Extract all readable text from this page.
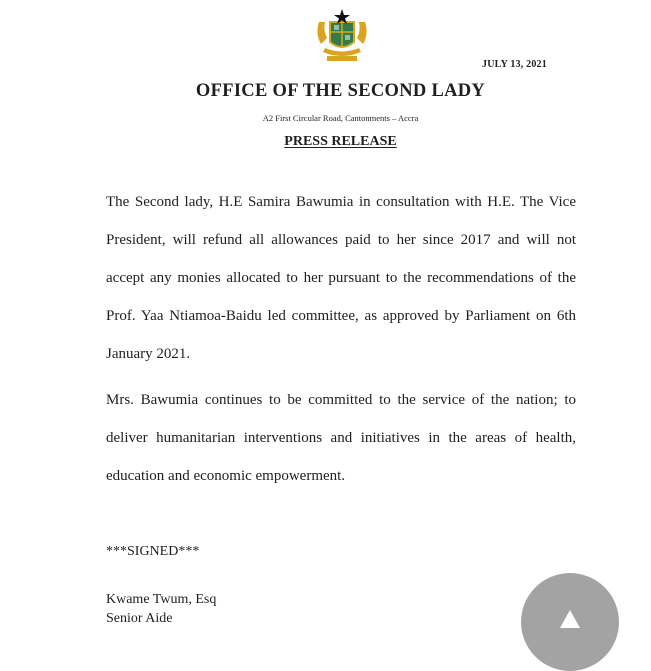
JULY 13, 2021
OFFICE OF THE SECOND LADY
A2 First Circular Road, Cantonments – Accra
PRESS RELEASE

The Second lady, H.E Samira Bawumia in consultation with H.E. The Vice President, will refund all allowances paid to her since 2017 and will not accept any monies allocated to her pursuant to the recommendations of the Prof. Yaa Ntiamoa-Baidu led committee, as approved by Parliament on 6th January 2021.

Mrs. Bawumia continues to be committed to the service of the nation; to deliver humanitarian interventions and initiatives in the areas of health, education and economic empowerment.

***SIGNED***
Kwame Twum, Esq
Senior Aide
